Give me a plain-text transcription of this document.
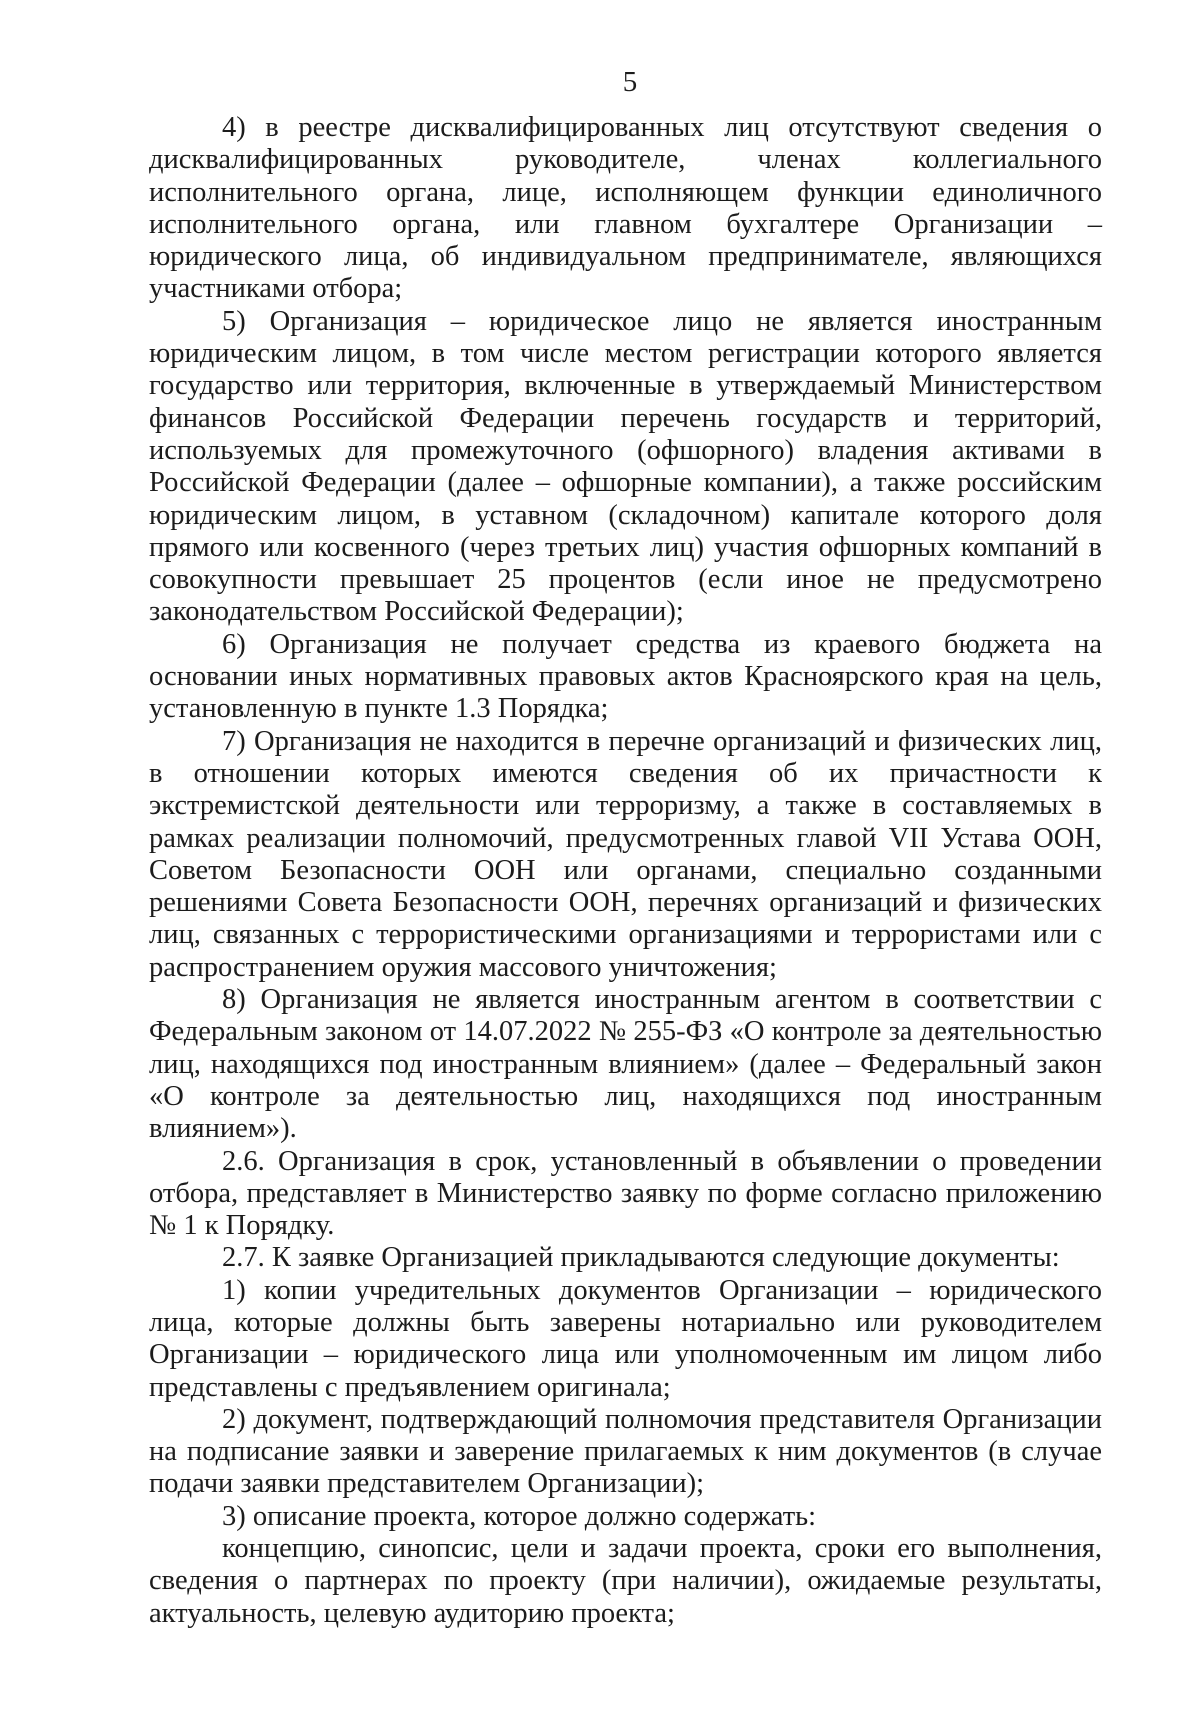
5

4) в реестре дисквалифицированных лиц отсутствуют сведения о дисквалифицированных руководителе, членах коллегиального исполнительного органа, лице, исполняющем функции единоличного исполнительного органа, или главном бухгалтере Организации – юридического лица, об индивидуальном предпринимателе, являющихся участниками отбора;

5) Организация – юридическое лицо не является иностранным юридическим лицом, в том числе местом регистрации которого является государство или территория, включенные в утверждаемый Министерством финансов Российской Федерации перечень государств и территорий, используемых для промежуточного (офшорного) владения активами в Российской Федерации (далее – офшорные компании), а также российским юридическим лицом, в уставном (складочном) капитале которого доля прямого или косвенного (через третьих лиц) участия офшорных компаний в совокупности превышает 25 процентов (если иное не предусмотрено законодательством Российской Федерации);

6) Организация не получает средства из краевого бюджета на основании иных нормативных правовых актов Красноярского края на цель, установленную в пункте 1.3 Порядка;

7) Организация не находится в перечне организаций и физических лиц, в отношении которых имеются сведения об их причастности к экстремистской деятельности или терроризму, а также в составляемых в рамках реализации полномочий, предусмотренных главой VII Устава ООН, Советом Безопасности ООН или органами, специально созданными решениями Совета Безопасности ООН, перечнях организаций и физических лиц, связанных с террористическими организациями и террористами или с распространением оружия массового уничтожения;

8) Организация не является иностранным агентом в соответствии с Федеральным законом от 14.07.2022 № 255-ФЗ «О контроле за деятельностью лиц, находящихся под иностранным влиянием» (далее – Федеральный закон «О контроле за деятельностью лиц, находящихся под иностранным влиянием»).

2.6. Организация в срок, установленный в объявлении о проведении отбора, представляет в Министерство заявку по форме согласно приложению № 1 к Порядку.

2.7. К заявке Организацией прикладываются следующие документы:

1) копии учредительных документов Организации – юридического лица, которые должны быть заверены нотариально или руководителем Организации – юридического лица или уполномоченным им лицом либо представлены с предъявлением оригинала;

2) документ, подтверждающий полномочия представителя Организации на подписание заявки и заверение прилагаемых к ним документов (в случае подачи заявки представителем Организации);

3) описание проекта, которое должно содержать:

концепцию, синопсис, цели и задачи проекта, сроки его выполнения, сведения о партнерах по проекту (при наличии), ожидаемые результаты, актуальность, целевую аудиторию проекта;
